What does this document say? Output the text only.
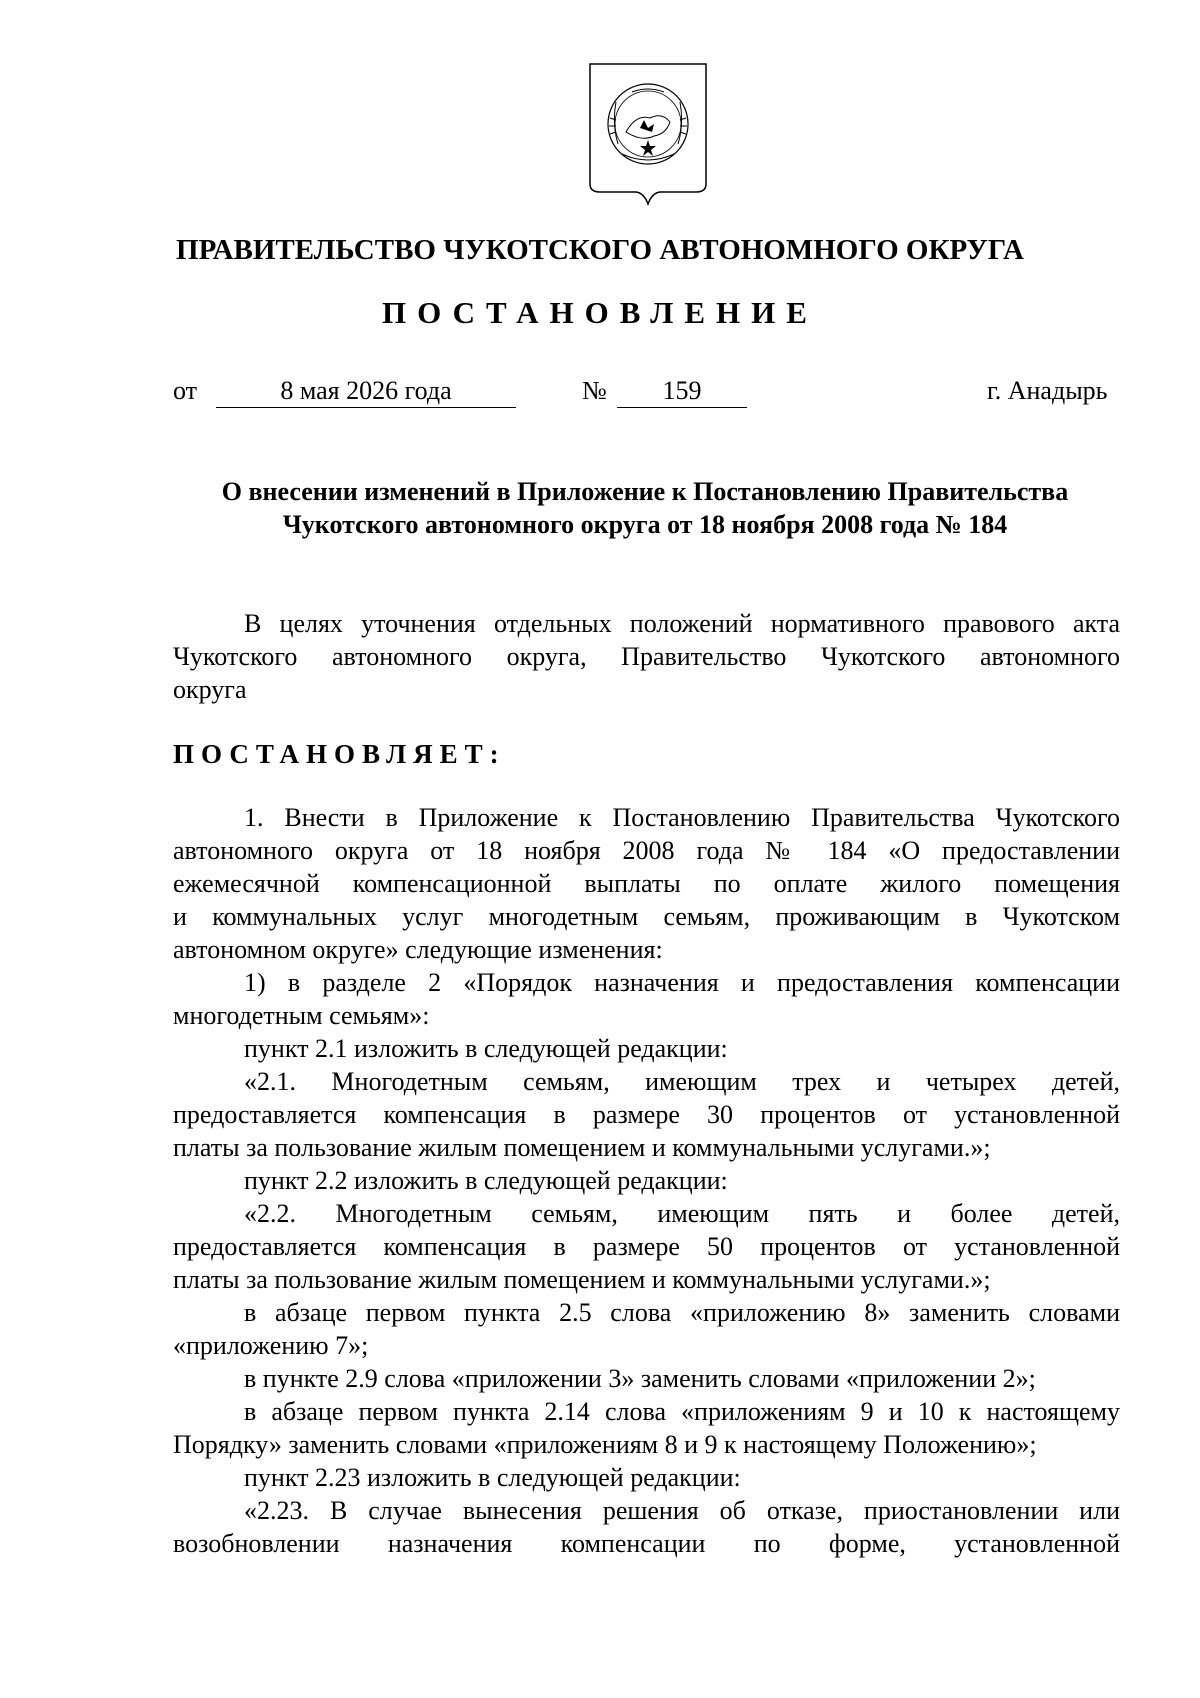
ПРАВИТЕЛЬСТВО ЧУКОТСКОГО АВТОНОМНОГО ОКРУГА
ПОСТАНОВЛЕНИЕ
от	8 мая 2026 года	№	159	г. Анадырь
О внесении изменений в Приложение к Постановлению Правительства
Чукотского автономного округа от 18 ноября 2008 года № 184
В целях уточнения отдельных положений нормативного правового акта
Чукотского автономного округа, Правительство Чукотского автономного
округа
ПОСТАНОВЛЯЕТ:
1. Внести в Приложение к Постановлению Правительства Чукотского
автономного округа от 18 ноября 2008 года № 184 «О предоставлении
ежемесячной компенсационной выплаты по оплате жилого помещения
и коммунальных услуг многодетным семьям, проживающим в Чукотском
автономном округе» следующие изменения:
1) в разделе 2 «Порядок назначения и предоставления компенсации
многодетным семьям»:
пункт 2.1 изложить в следующей редакции:
«2.1. Многодетным семьям, имеющим трех и четырех детей,
предоставляется компенсация в размере 30 процентов от установленной
платы за пользование жилым помещением и коммунальными услугами.»;
пункт 2.2 изложить в следующей редакции:
«2.2. Многодетным семьям, имеющим пять и более детей,
предоставляется компенсация в размере 50 процентов от установленной
платы за пользование жилым помещением и коммунальными услугами.»;
в абзаце первом пункта 2.5 слова «приложению 8» заменить словами
«приложению 7»;
в пункте 2.9 слова «приложении 3» заменить словами «приложении 2»;
в абзаце первом пункта 2.14 слова «приложениям 9 и 10 к настоящему
Порядку» заменить словами «приложениям 8 и 9 к настоящему Положению»;
пункт 2.23 изложить в следующей редакции:
«2.23. В случае вынесения решения об отказе, приостановлении или
возобновлении назначения компенсации по форме, установленной
